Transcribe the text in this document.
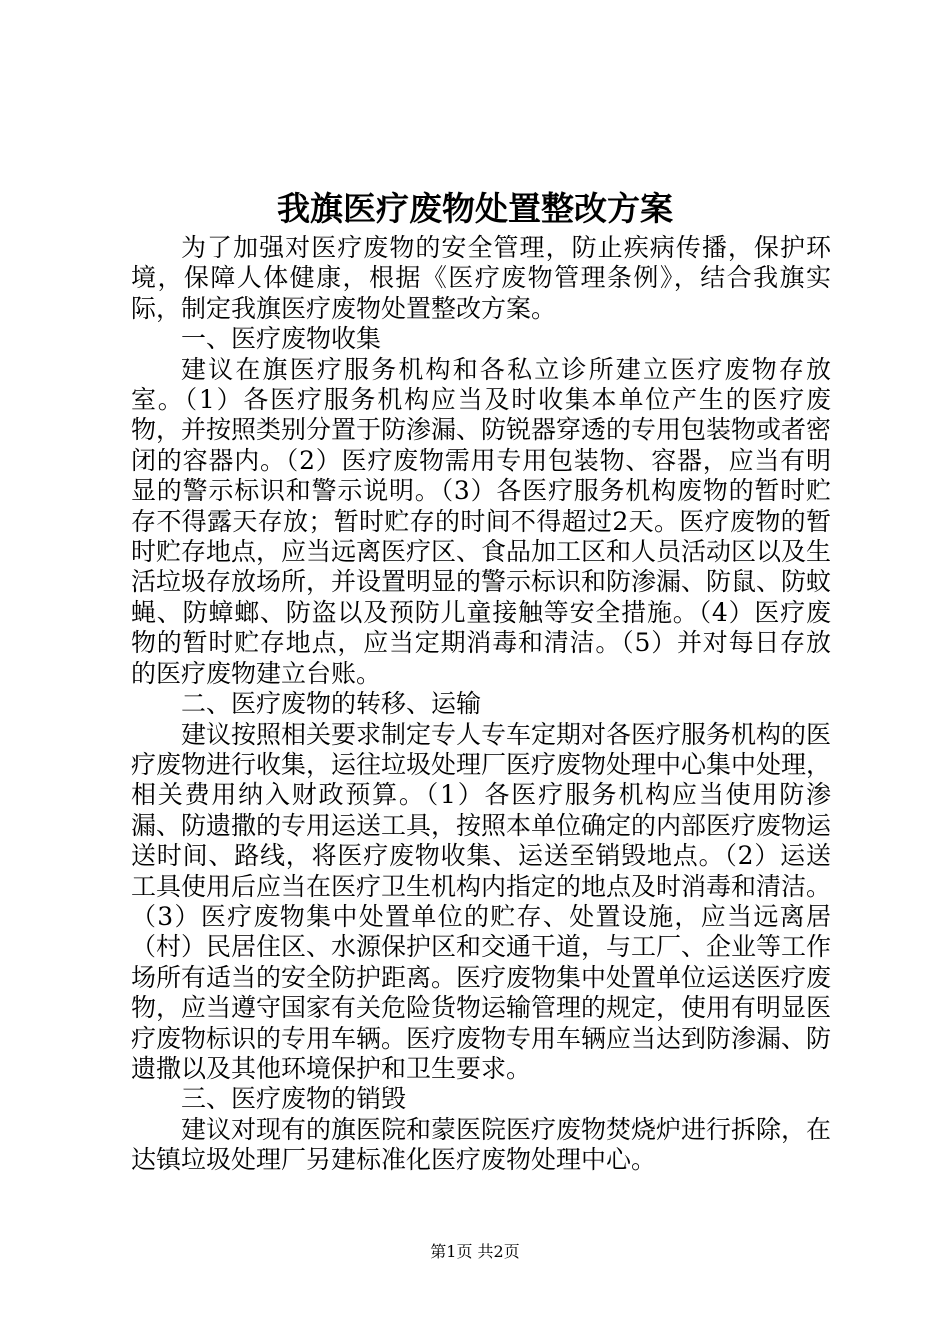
我旗医疗废物处置整改方案

为了加强对医疗废物的安全管理，防止疾病传播，保护环境，保障人体健康，根据《医疗废物管理条例》，结合我旗实际，制定我旗医疗废物处置整改方案。

一、医疗废物收集

建议在旗医疗服务机构和各私立诊所建立医疗废物存放室。（1）各医疗服务机构应当及时收集本单位产生的医疗废物，并按照类别分置于防渗漏、防锐器穿透的专用包装物或者密闭的容器内。（2）医疗废物需用专用包装物、容器，应当有明显的警示标识和警示说明。（3）各医疗服务机构废物的暂时贮存不得露天存放；暂时贮存的时间不得超过2天。医疗废物的暂时贮存地点，应当远离医疗区、食品加工区和人员活动区以及生活垃圾存放场所，并设置明显的警示标识和防渗漏、防鼠、防蚊蝇、防蟑螂、防盗以及预防儿童接触等安全措施。（4）医疗废物的暂时贮存地点，应当定期消毒和清洁。（5）并对每日存放的医疗废物建立台账。

二、医疗废物的转移、运输

建议按照相关要求制定专人专车定期对各医疗服务机构的医疗废物进行收集，运往垃圾处理厂医疗废物处理中心集中处理，相关费用纳入财政预算。（1）各医疗服务机构应当使用防渗漏、防遗撒的专用运送工具，按照本单位确定的内部医疗废物运送时间、路线，将医疗废物收集、运送至销毁地点。（2）运送工具使用后应当在医疗卫生机构内指定的地点及时消毒和清洁。（3）医疗废物集中处置单位的贮存、处置设施，应当远离居（村）民居住区、水源保护区和交通干道，与工厂、企业等工作场所有适当的安全防护距离。医疗废物集中处置单位运送医疗废物，应当遵守国家有关危险货物运输管理的规定，使用有明显医疗废物标识的专用车辆。医疗废物专用车辆应当达到防渗漏、防遗撒以及其他环境保护和卫生要求。

三、医疗废物的销毁

建议对现有的旗医院和蒙医院医疗废物焚烧炉进行拆除，在达镇垃圾处理厂另建标准化医疗废物处理中心。

第1页 共2页
